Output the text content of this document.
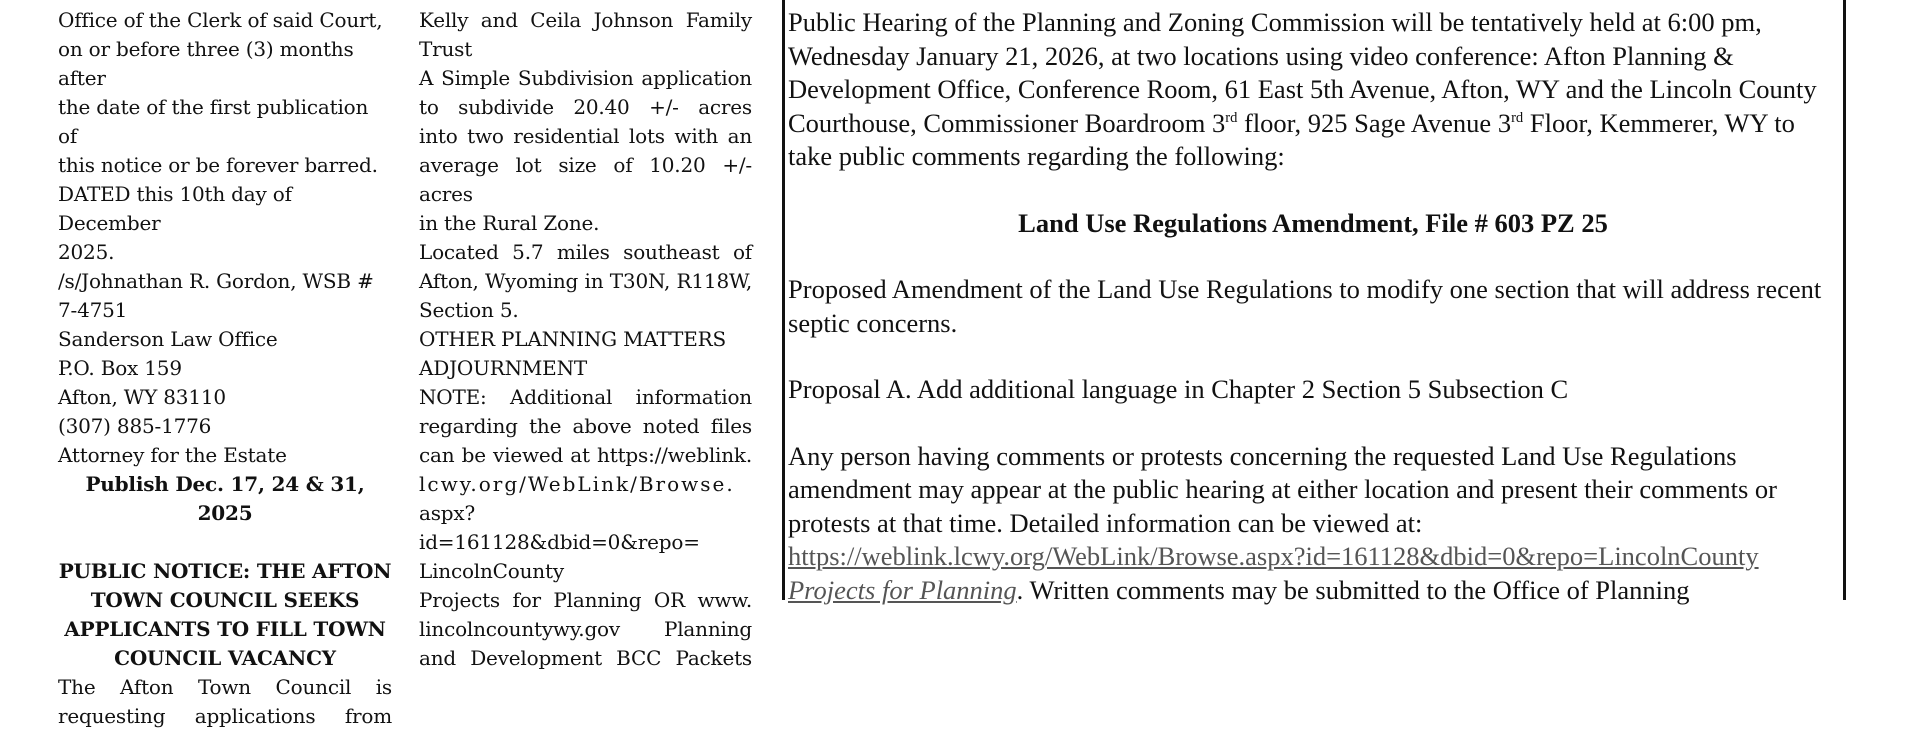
Office of the Clerk of said Court,

on or before three (3) months after

the date of the first publication of

this notice or be forever barred.

DATED this 10th day of December

2025.

/s/Johnathan R. Gordon, WSB #

7-4751

Sanderson Law Office

P.O. Box 159

Afton, WY 83110

(307) 885-1776

Attorney for the Estate

Publish Dec. 17, 24 & 31, 2025

PUBLIC NOTICE: THE AFTON

TOWN COUNCIL SEEKS

APPLICANTS TO FILL TOWN

COUNCIL VACANCY

The Afton Town Council is

requesting applications from

Kelly and Ceila Johnson Family

Trust

A Simple Subdivision application

to subdivide 20.40 +/- acres

into two residential lots with an

average lot size of 10.20 +/- acres

in the Rural Zone.

Located 5.7 miles southeast of

Afton, Wyoming in T30N, R118W,

Section 5.

OTHER PLANNING MATTERS

ADJOURNMENT

NOTE: Additional information

regarding the above noted files

can be viewed at https://weblink.

lcwy.org/WebLink/Browse.

aspx?id=161128&dbid=0&repo=

LincolnCounty

Projects for Planning OR www.

lincolncountywy.gov Planning

and Development BCC Packets

Public Hearing of the Planning and Zoning Commission will be tentatively held at 6:00 pm, Wednesday January 21, 2026, at two locations using video conference: Afton Planning & Development Office, Conference Room, 61 East 5th Avenue, Afton, WY and the Lincoln County Courthouse, Commissioner Boardroom 3rd floor, 925 Sage Avenue 3rd Floor, Kemmerer, WY to take public comments regarding the following:

Land Use Regulations Amendment, File # 603 PZ 25

Proposed Amendment of the Land Use Regulations to modify one section that will address recent septic concerns.

Proposal A. Add additional language in Chapter 2 Section 5 Subsection C

Any person having comments or protests concerning the requested Land Use Regulations amendment may appear at the public hearing at either location and present their comments or protests at that time. Detailed information can be viewed at: https://weblink.lcwy.org/WebLink/Browse.aspx?id=161128&dbid=0&repo=LincolnCounty Projects for Planning. Written comments may be submitted to the Office of Planning
